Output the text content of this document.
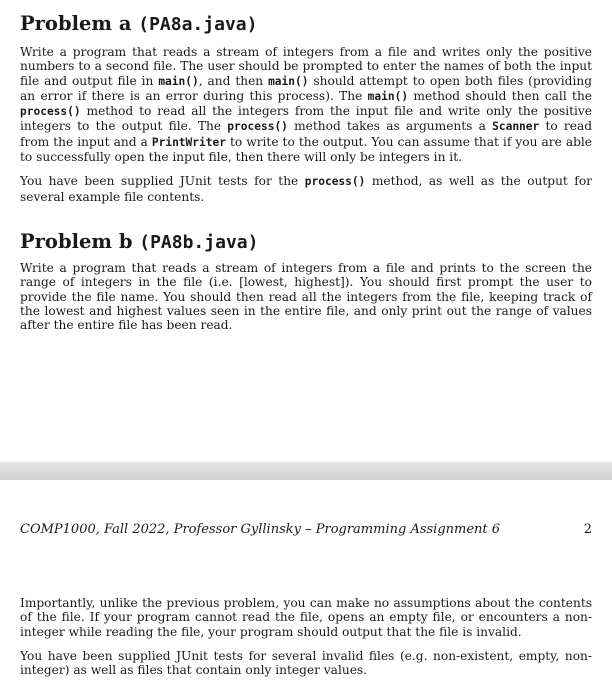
Problem a (PA8a.java)

Write a program that reads a stream of integers from a file and writes only the positive numbers to a second file. The user should be prompted to enter the names of both the input file and output file in main(), and then main() should attempt to open both files (providing an error if there is an error during this process). The main() method should then call the process() method to read all the integers from the input file and write only the positive integers to the output file. The process() method takes as arguments a Scanner to read from the input and a PrintWriter to write to the output. You can assume that if you are able to successfully open the input file, then there will only be integers in it.

You have been supplied JUnit tests for the process() method, as well as the output for several example file contents.

Problem b (PA8b.java)

Write a program that reads a stream of integers from a file and prints to the screen the range of integers in the file (i.e. [lowest, highest]). You should first prompt the user to provide the file name. You should then read all the integers from the file, keeping track of the lowest and highest values seen in the entire file, and only print out the range of values after the entire file has been read.

COMP1000, Fall 2022, Professor Gyllinsky – Programming Assignment 6	2

Importantly, unlike the previous problem, you can make no assumptions about the contents of the file. If your program cannot read the file, opens an empty file, or encounters a non-integer while reading the file, your program should output that the file is invalid.

You have been supplied JUnit tests for several invalid files (e.g. non-existent, empty, non-integer) as well as files that contain only integer values.
